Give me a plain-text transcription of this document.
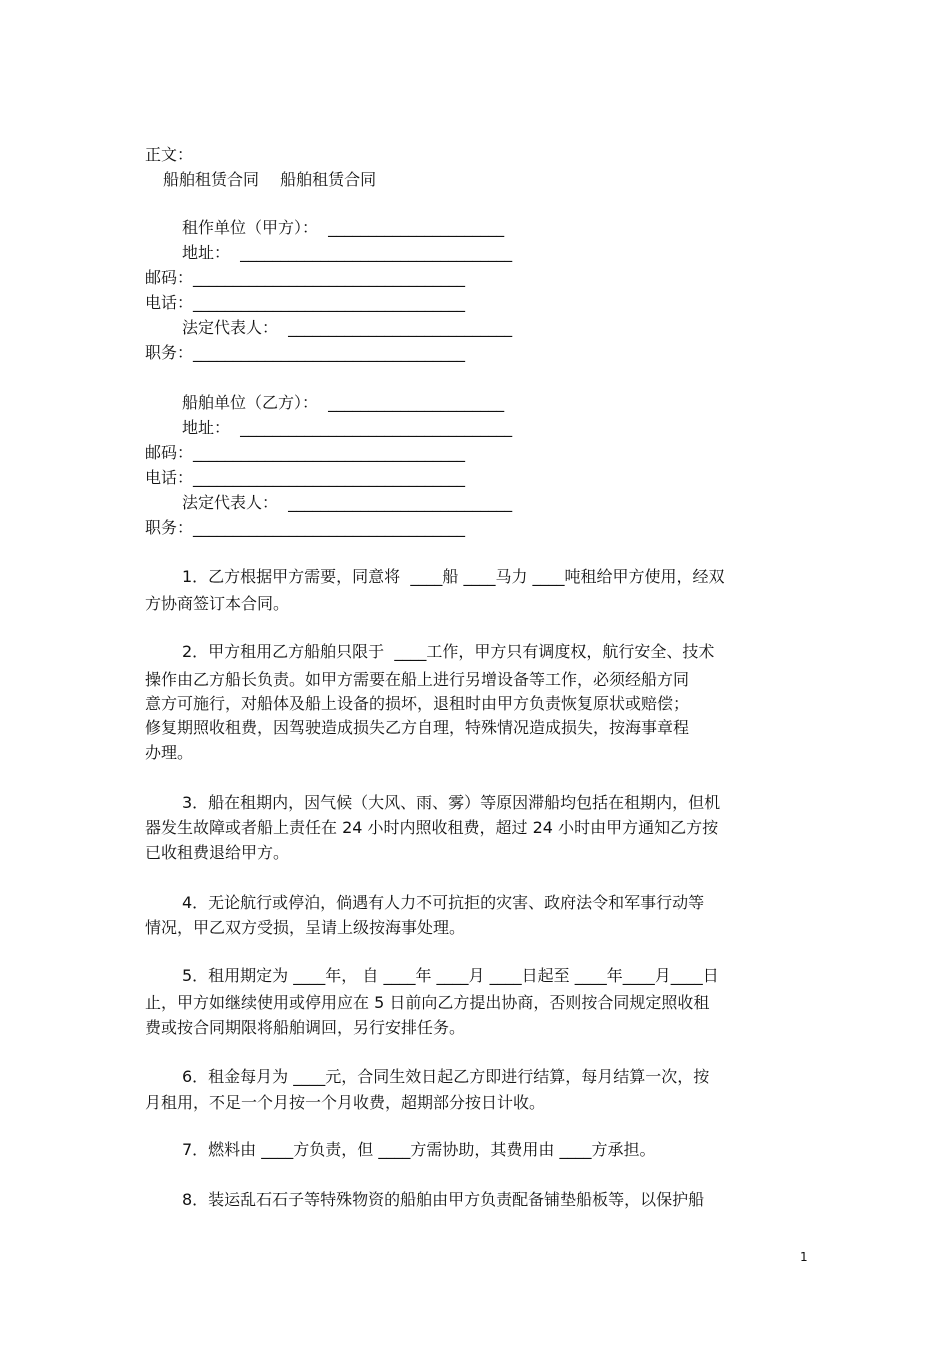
正文：
船舶租赁合同　 船舶租赁合同
租作单位（甲方）：  ______________________
地址：  __________________________________
邮码：__________________________________
电话：__________________________________
法定代表人：  ____________________________
职务：__________________________________
船舶单位（乙方）：  ______________________
地址：  __________________________________
邮码：__________________________________
电话：__________________________________
法定代表人：  ____________________________
职务：__________________________________
1．乙方根据甲方需要，同意将  ____船 ____马力 ____吨租给甲方使用，经双
方协商签订本合同。
2．甲方租用乙方船舶只限于  ____工作，甲方只有调度权，航行安全、技术
操作由乙方船长负责。如甲方需要在船上进行另增设备等工作，必须经船方同
意方可施行，对船体及船上设备的损坏，退租时由甲方负责恢复原状或赔偿；
修复期照收租费，因驾驶造成损失乙方自理，特殊情况造成损失，按海事章程
办理。
3．船在租期内，因气候（大风、雨、雾）等原因滞船均包括在租期内，但机
器发生故障或者船上责任在 24 小时内照收租费，超过 24 小时由甲方通知乙方按
已收租费退给甲方。
4．无论航行或停泊，倘遇有人力不可抗拒的灾害、政府法令和军事行动等
情况，甲乙双方受损，呈请上级按海事处理。
5．租用期定为 ____年， 自 ____年 ____月 ____日起至 ____年____月____日
止，甲方如继续使用或停用应在 5 日前向乙方提出协商，否则按合同规定照收租
费或按合同期限将船舶调回，另行安排任务。
6．租金每月为 ____元，合同生效日起乙方即进行结算，每月结算一次，按
月租用，不足一个月按一个月收费，超期部分按日计收。
7．燃料由 ____方负责，但 ____方需协助，其费用由 ____方承担。
8．装运乱石石子等特殊物资的船舶由甲方负责配备铺垫船板等，以保护船
1
